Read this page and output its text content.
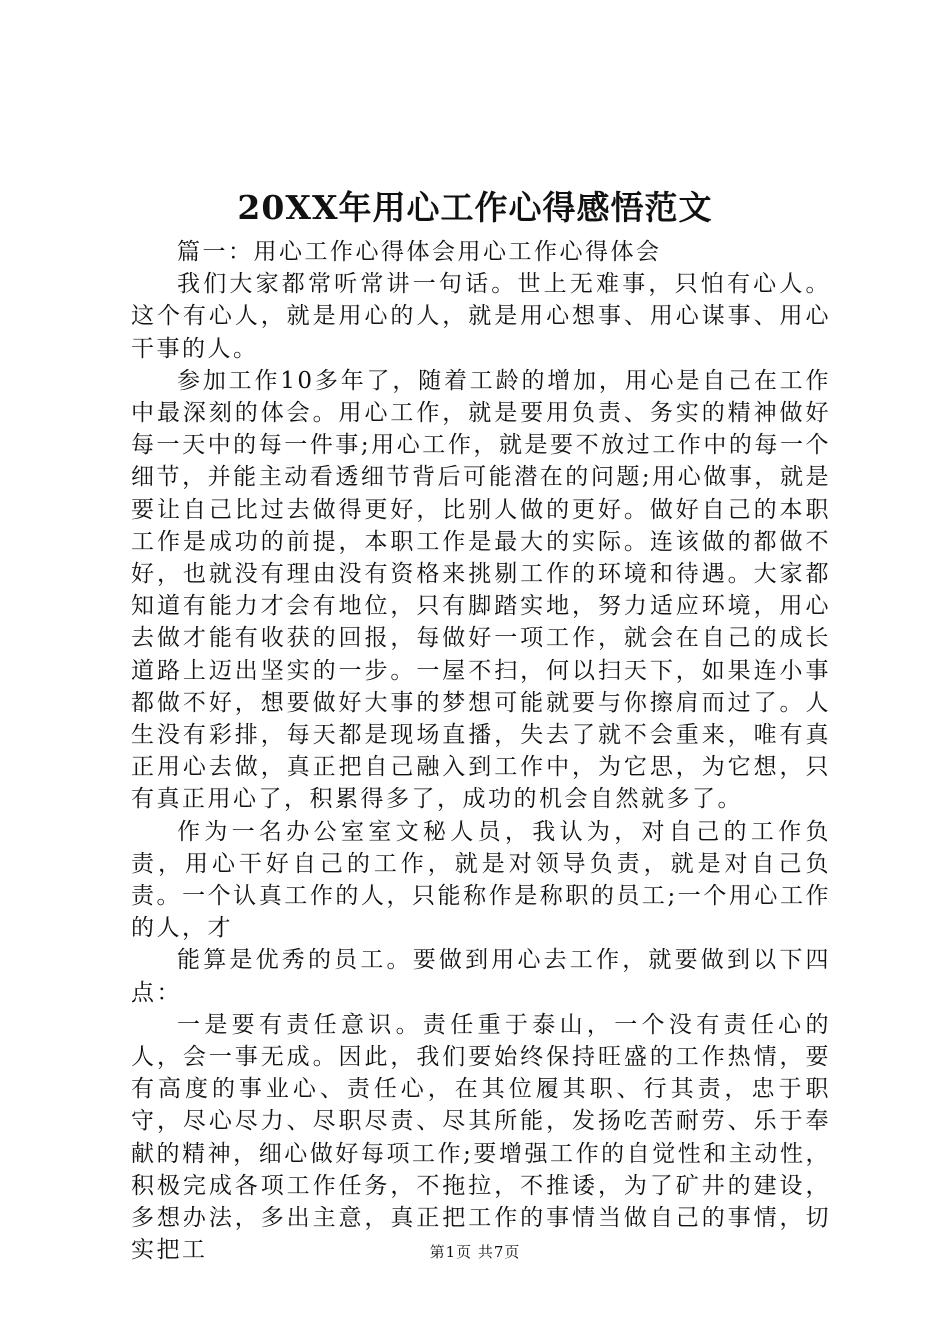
20XX年用心工作心得感悟范文

篇一：用心工作心得体会用心工作心得体会

我们大家都常听常讲一句话。世上无难事，只怕有心人。这个有心人，就是用心的人，就是用心想事、用心谋事、用心干事的人。

参加工作10多年了，随着工龄的增加，用心是自己在工作中最深刻的体会。用心工作，就是要用负责、务实的精神做好每一天中的每一件事;用心工作，就是要不放过工作中的每一个细节，并能主动看透细节背后可能潜在的问题;用心做事，就是要让自己比过去做得更好，比别人做的更好。做好自己的本职工作是成功的前提，本职工作是最大的实际。连该做的都做不好，也就没有理由没有资格来挑剔工作的环境和待遇。大家都知道有能力才会有地位，只有脚踏实地，努力适应环境，用心去做才能有收获的回报，每做好一项工作，就会在自己的成长道路上迈出坚实的一步。一屋不扫，何以扫天下，如果连小事都做不好，想要做好大事的梦想可能就要与你擦肩而过了。人生没有彩排，每天都是现场直播，失去了就不会重来，唯有真正用心去做，真正把自己融入到工作中，为它思，为它想，只有真正用心了，积累得多了，成功的机会自然就多了。

作为一名办公室室文秘人员，我认为，对自己的工作负责，用心干好自己的工作，就是对领导负责，就是对自己负责。一个认真工作的人，只能称作是称职的员工;一个用心工作的人，才

能算是优秀的员工。要做到用心去工作，就要做到以下四点：

一是要有责任意识。责任重于泰山，一个没有责任心的人，会一事无成。因此，我们要始终保持旺盛的工作热情，要有高度的事业心、责任心，在其位履其职、行其责，忠于职守，尽心尽力、尽职尽责、尽其所能，发扬吃苦耐劳、乐于奉献的精神，细心做好每项工作;要增强工作的自觉性和主动性，积极完成各项工作任务，不拖拉，不推诿，为了矿井的建设，多想办法，多出主意，真正把工作的事情当做自己的事情，切实把工	第1页 共7页
